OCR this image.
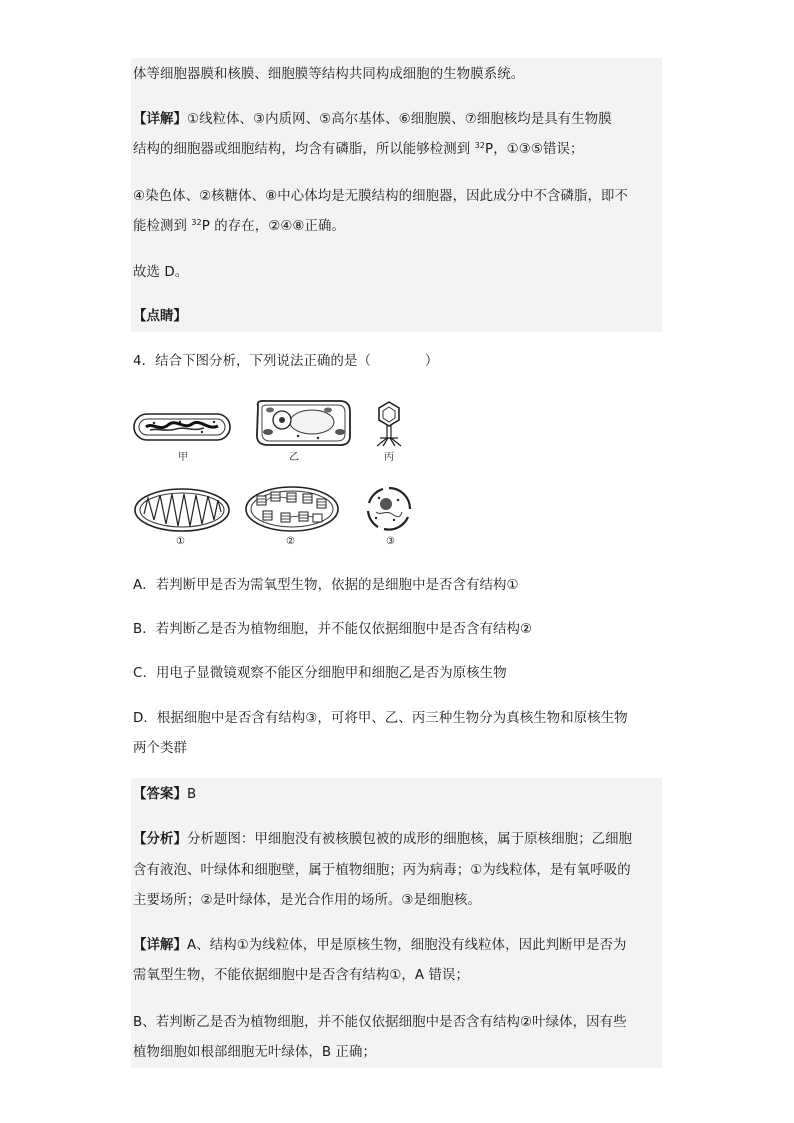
体等细胞器膜和核膜、细胞膜等结构共同构成细胞的生物膜系统。
【详解】①线粒体、③内质网、⑤高尔基体、⑥细胞膜、⑦细胞核均是具有生物膜
结构的细胞器或细胞结构，均含有磷脂，所以能够检测到 $^{32}$P，①③⑤错误；
④染色体、②核糖体、⑧中心体均是无膜结构的细胞器，因此成分中不含磷脂，即不
能检测到 $^{32}$P 的存在，②④⑧正确。
故选 D。
【点睛】
4．结合下图分析，下列说法正确的是（　　　　）
甲	乙	丙
①	②	③
A．若判断甲是否为需氧型生物，依据的是细胞中是否含有结构①
B．若判断乙是否为植物细胞，并不能仅依据细胞中是否含有结构②
C．用电子显微镜观察不能区分细胞甲和细胞乙是否为原核生物
D．根据细胞中是否含有结构③，可将甲、乙、丙三种生物分为真核生物和原核生物
两个类群
【答案】B
【分析】分析题图：甲细胞没有被核膜包被的成形的细胞核，属于原核细胞；乙细胞
含有液泡、叶绿体和细胞壁，属于植物细胞；丙为病毒；①为线粒体，是有氧呼吸的
主要场所；②是叶绿体，是光合作用的场所。③是细胞核。
【详解】A、结构①为线粒体，甲是原核生物，细胞没有线粒体，因此判断甲是否为
需氧型生物，不能依据细胞中是否含有结构①，A 错误；
B、若判断乙是否为植物细胞，并不能仅依据细胞中是否含有结构②叶绿体，因有些
植物细胞如根部细胞无叶绿体，B 正确；
